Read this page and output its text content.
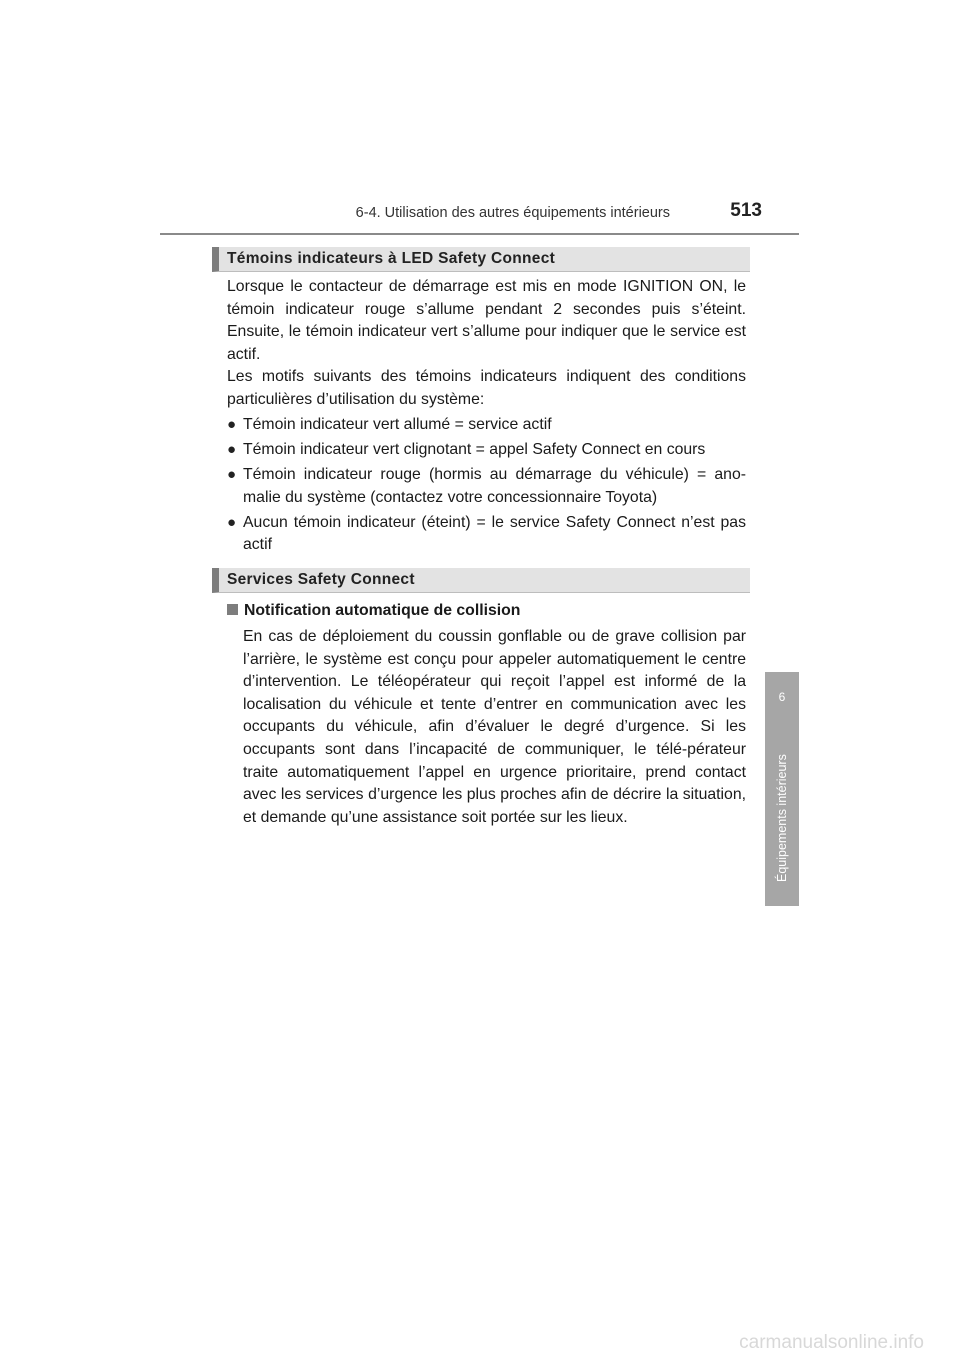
6-4. Utilisation des autres équipements intérieurs	513
6
Équipements intérieurs
Témoins indicateurs à LED Safety Connect
Lorsque le contacteur de démarrage est mis en mode IGNITION ON, le témoin indicateur rouge s’allume pendant 2 secondes puis s’éteint. Ensuite, le témoin indicateur vert s’allume pour indiquer que le service est actif.
Les motifs suivants des témoins indicateurs indiquent des conditions particulières d’utilisation du système:
● Témoin indicateur vert allumé = service actif
● Témoin indicateur vert clignotant = appel Safety Connect en cours
● Témoin indicateur rouge (hormis au démarrage du véhicule) = ano-malie du système (contactez votre concessionnaire Toyota)
● Aucun témoin indicateur (éteint) = le service Safety Connect n’est pas actif
Services Safety Connect
Notification automatique de collision
En cas de déploiement du coussin gonflable ou de grave collision par l’arrière, le système est conçu pour appeler automatiquement le centre d’intervention. Le téléopérateur qui reçoit l’appel est informé de la localisation du véhicule et tente d’entrer en communication avec les occupants du véhicule, afin d’évaluer le degré d’urgence. Si les occupants sont dans l’incapacité de communiquer, le télé-pérateur traite automatiquement l’appel en urgence prioritaire, prend contact avec les services d’urgence les plus proches afin de décrire la situation, et demande qu’une assistance soit portée sur les lieux.
carmanualsonline.info
